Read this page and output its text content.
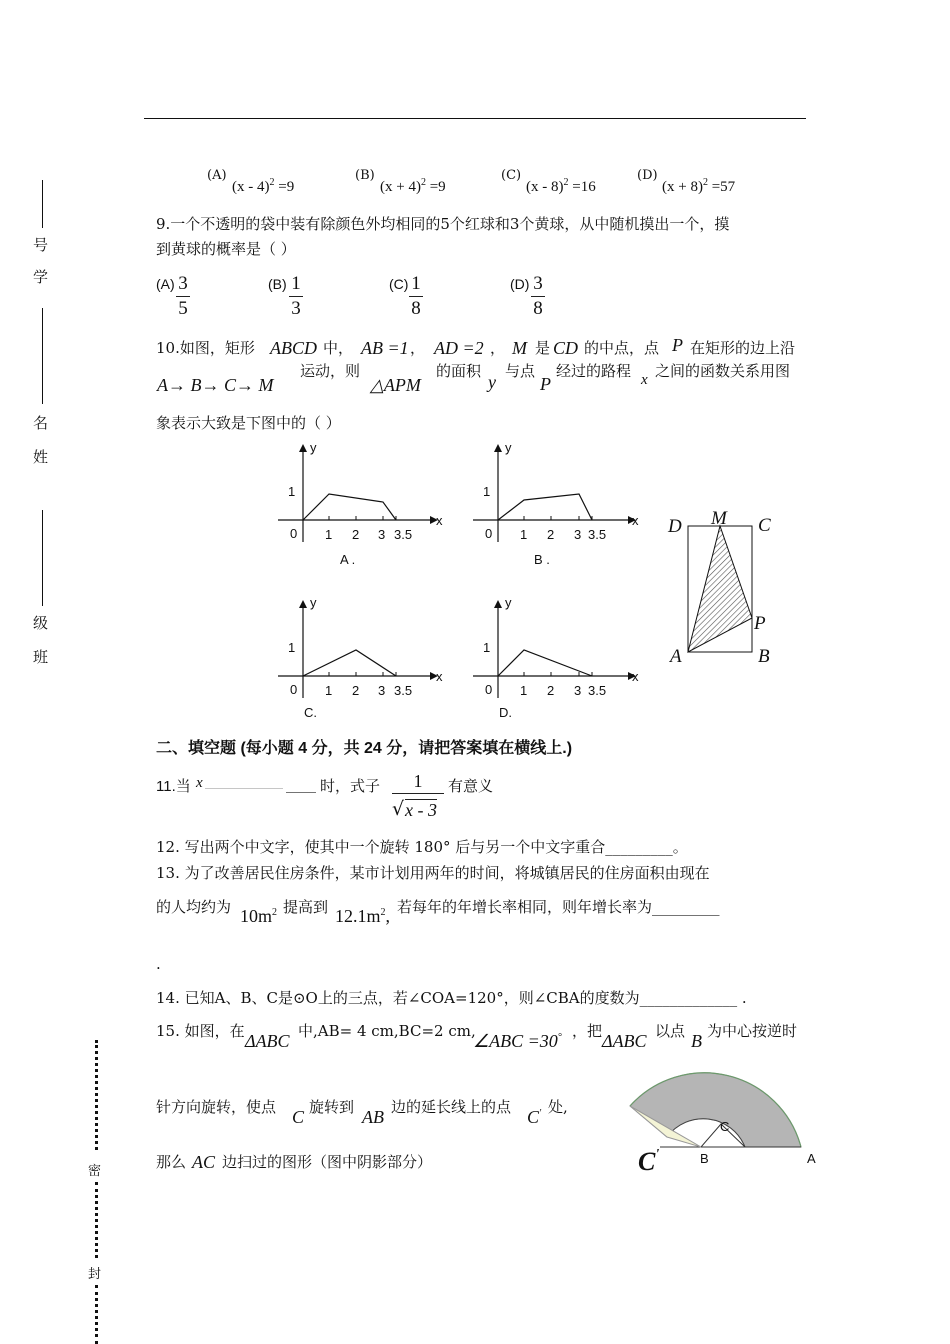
号
学
名
姓
级
班
密
封
(A)
(x - 4)$^2$ =9
(B)
$(x + 4)^2 =9$
(C)
(x - 8)$^2$ =16
(D)
$(x + 8)^2 =57$
9.一个不透明的袋中装有除颜色外均相同的5个红球和3个黄球，从中随机摸出一个，摸
到黄球的概率是（ ）
(A) 3
5
(B) 1
3
(C) 1
8
(D) 3
8
10.如图，矩形 ABCD 中， AB =1 ， AD =2 ， M 是 CD 的中点，点 P 在矩形的边上沿
A→ B→ C→ M
运动，则
△APM
的面积
y
与点
P
经过的路程 x 之间的函数关系用图
象表示大致是下图中的（ ）
y
x
1
0 1 2 3 3.5
A .
y
x
1
0 1 2 3 3.5
B .
y
x
1
0 1 2 3 3.5
C.
y
x
1
0 1 2 3 3.5
D.
D M C
P
A	B
二、填空题 (每小题 4 分，共 24 分，请把答案填在横线上.)
11.当 x _____________ ____ 时，式子	1
√ x - 3
有意义
12. 写出两个中文字，使其中一个旋转 180° 后与另一个中文字重合_________。
13. 为了改善居民住房条件，某市计划用两年的时间，将城镇居民的住房面积由现在
的人均约为 $10m^2$ 提高到 $12.1m^2$, 若每年的年增长率相同，则年增长率为_________
.
14. 已知A、B、C是⊙O上的三点，若∠COA=120°，则∠CBA的度数为_____________ .
15. 如图，在 ΔABC 中,AB= 4 cm,BC=2 cm,
∠ABC =30° ，把 ΔABC 以点 B 为中心按逆时
针方向旋转，使点 C 旋转到 AB 边的延长线上的点 C' 处,
那么 AC 边扫过的图形（图中阴影部分）
C
B	A
C'
